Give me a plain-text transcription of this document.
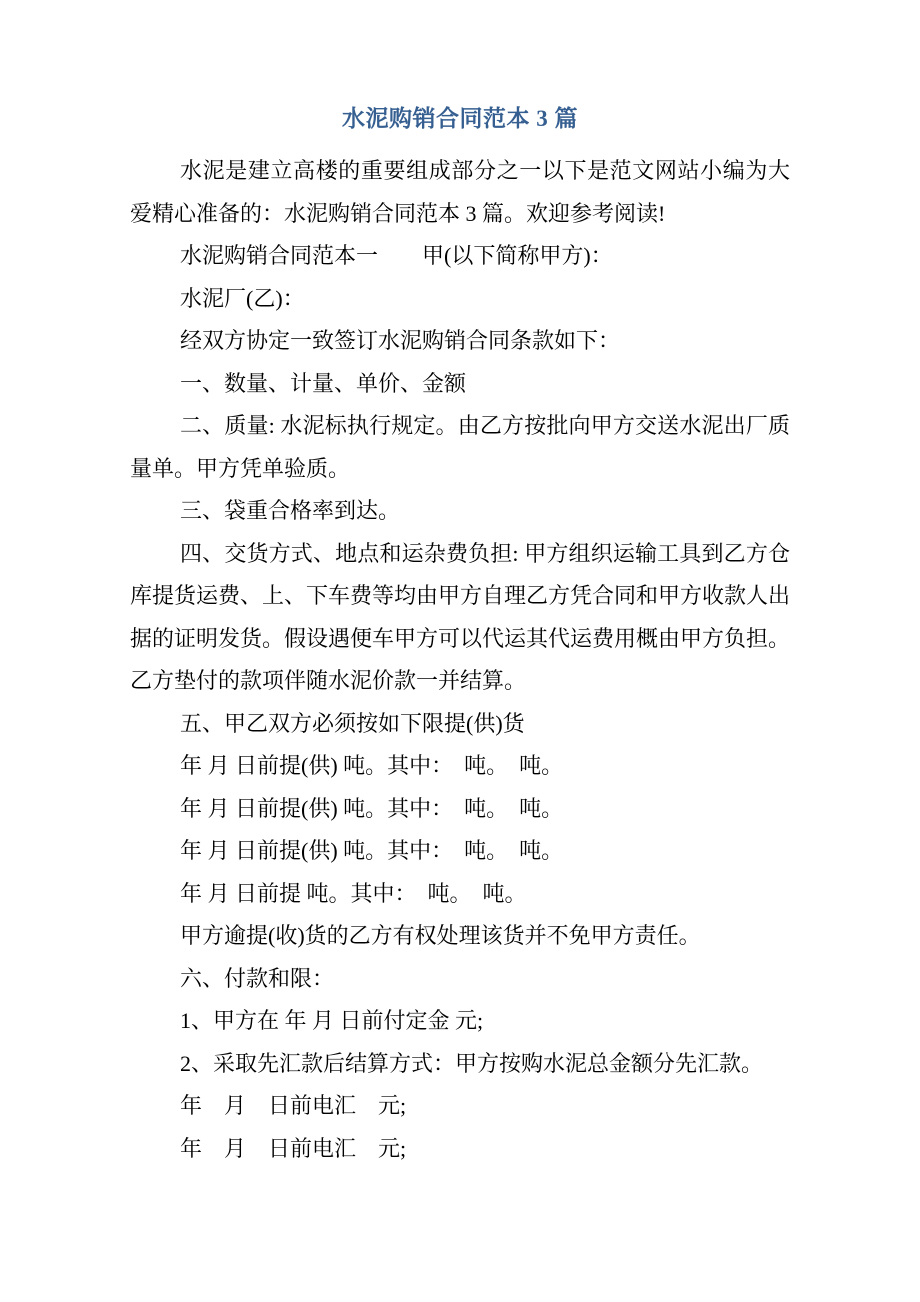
水泥购销合同范本 3 篇
水泥是建立高楼的重要组成部分之一以下是范文网站小编为大
爱精心准备的：水泥购销合同范本 3 篇。欢迎参考阅读!
水泥购销合同范本一　　甲(以下简称甲方)：
水泥厂(乙)：
经双方协定一致签订水泥购销合同条款如下：
一、数量、计量、单价、金额
二、质量: 水泥标执行规定。由乙方按批向甲方交送水泥出厂质
量单。甲方凭单验质。
三、袋重合格率到达。
四、交货方式、地点和运杂费负担: 甲方组织运输工具到乙方仓
库提货运费、上、下车费等均由甲方自理乙方凭合同和甲方收款人出
据的证明发货。假设遇便车甲方可以代运其代运费用概由甲方负担。
乙方垫付的款项伴随水泥价款一并结算。
五、甲乙双方必须按如下限提(供)货
年 月 日前提(供) 吨。其中：　吨。　吨。
年 月 日前提(供) 吨。其中：　吨。　吨。
年 月 日前提(供) 吨。其中：　吨。　吨。
年 月 日前提 吨。其中：　吨。　吨。
甲方逾提(收)货的乙方有权处理该货并不免甲方责任。
六、付款和限：
1、甲方在 年 月 日前付定金 元;
2、采取先汇款后结算方式：甲方按购水泥总金额分先汇款。
年　月　日前电汇　元;
年　月　日前电汇　元;
